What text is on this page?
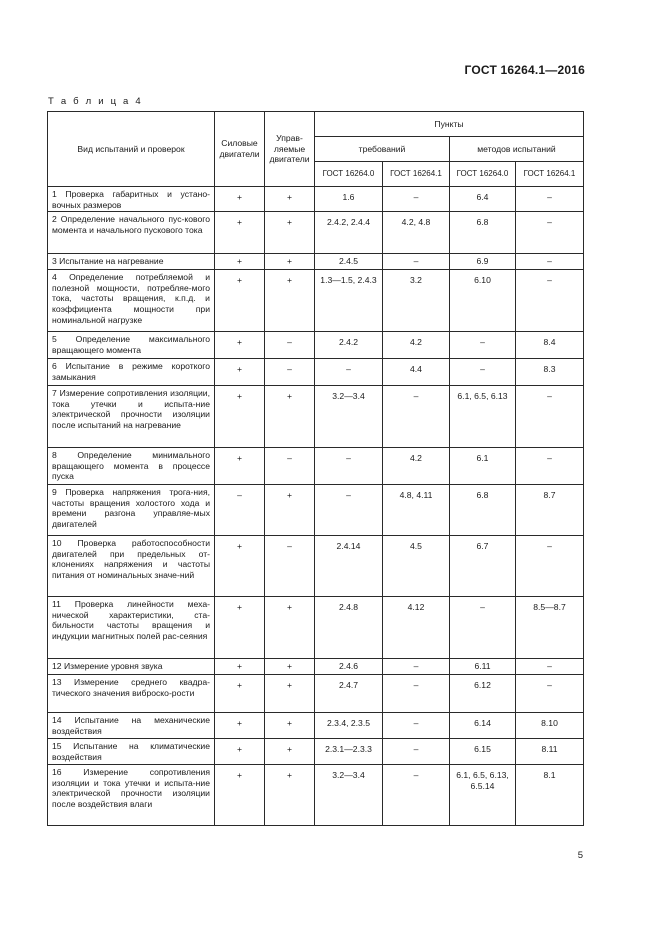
ГОСТ 16264.1—2016
Т а б л и ц а 4
Вид испытаний и проверок	Силовые двигатели	Управ-ляемые двигатели	Пункты			
			требований		методов испытаний	
			ГОСТ 16264.0	ГОСТ 16264.1	ГОСТ 16264.0	ГОСТ 16264.1
1 Проверка габаритных и устано-вочных размеров	+	+	1.6	–	6.4	–
2 Определение начального пус-кового момента и начального пускового тока	+	+	2.4.2, 2.4.4	4.2, 4.8	6.8	–
3 Испытание на нагревание	+	+	2.4.5	–	6.9	–
4 Определение потребляемой и полезной мощности, потребляе-мого тока, частоты вращения, к.п.д. и коэффициента мощности при номинальной нагрузке	+	+	1.3—1.5, 2.4.3	3.2	6.10	–
5 Определение максимального вращающего момента	+	–	2.4.2	4.2	–	8.4
6 Испытание в режиме короткого замыкания	+	–	–	4.4	–	8.3
7 Измерение сопротивления изоляции, тока утечки и испыта-ние электрической прочности изоляции после испытаний на нагревание	+	+	3.2—3.4	–	6.1, 6.5, 6.13	–
8 Определение минимального вращающего момента в процессе пуска	+	–	–	4.2	6.1	–
9 Проверка напряжения трога-ния, частоты вращения холостого хода и времени разгона управляе-мых двигателей	–	+	–	4.8, 4.11	6.8	8.7
10 Проверка работоспособности двигателей при предельных от-клонениях напряжения и частоты питания от номинальных значе-ний	+	–	2.4.14	4.5	6.7	–
11 Проверка линейности меха-нической характеристики, ста-бильности частоты вращения и индукции магнитных полей рас-сеяния	+	+	2.4.8	4.12	–	8.5—8.7
12 Измерение уровня звука	+	+	2.4.6	–	6.11	–
13 Измерение среднего квадра-тического значения виброско-рости	+	+	2.4.7	–	6.12	–
14 Испытание на механические воздействия	+	+	2.3.4, 2.3.5	–	6.14	8.10
15 Испытание на климатические воздействия	+	+	2.3.1—2.3.3	–	6.15	8.11
16 Измерение сопротивления изоляции и тока утечки и испыта-ние электрической прочности изоляции после воздействия влаги	+	+	3.2—3.4	–	6.1, 6.5, 6.13, 6.5.14	8.1
5
